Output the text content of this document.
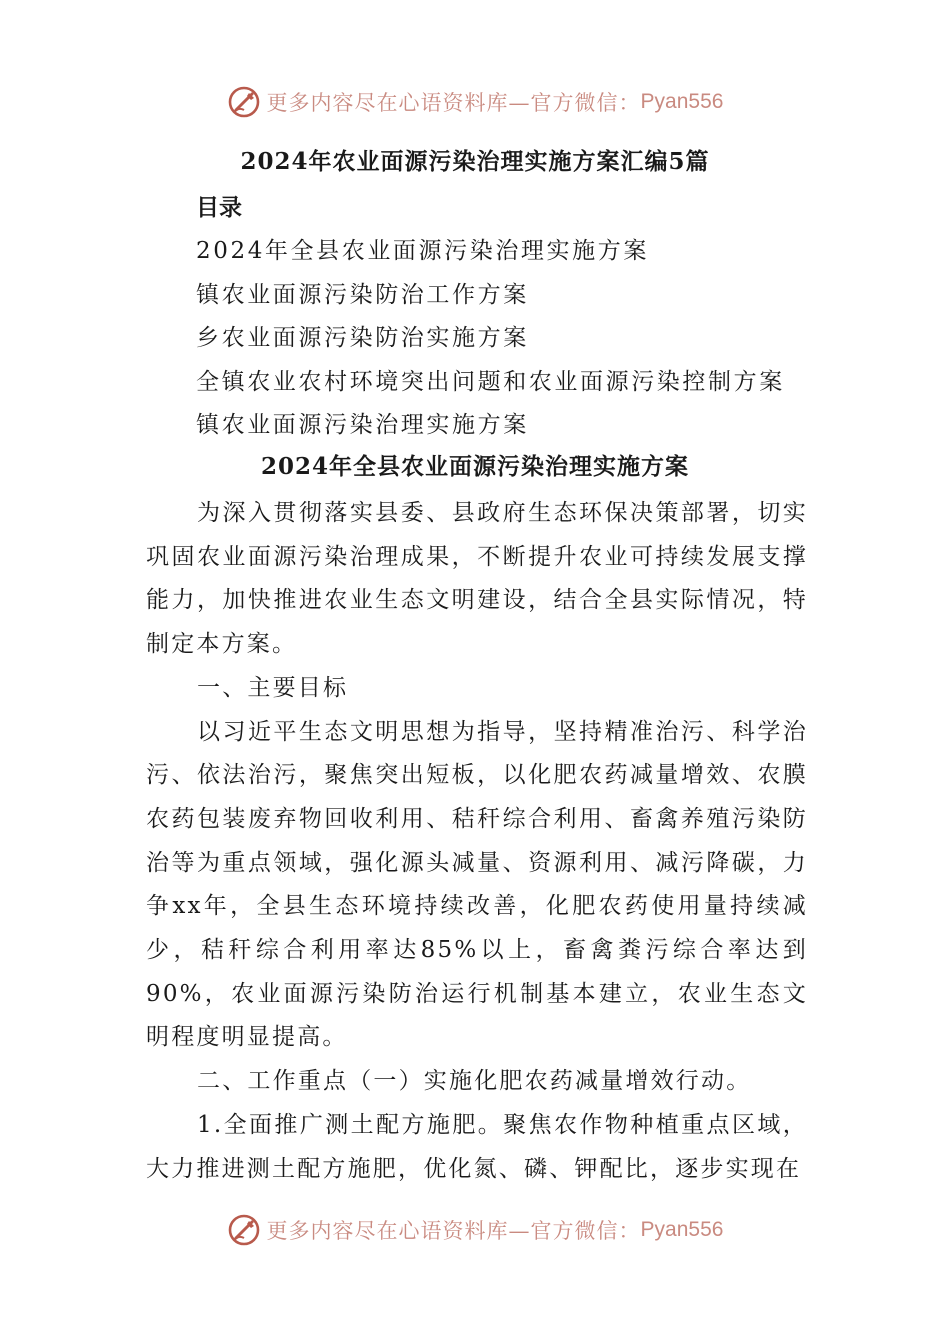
更多内容尽在心语资料库—官方微信： Pyan556
2024年农业面源污染治理实施方案汇编5篇
目录
2024年全县农业面源污染治理实施方案
镇农业面源污染防治工作方案
乡农业面源污染防治实施方案
全镇农业农村环境突出问题和农业面源污染控制方案
镇农业面源污染治理实施方案
2024年全县农业面源污染治理实施方案

为深入贯彻落实县委、县政府生态环保决策部署，切实巩固农业面源污染治理成果，不断提升农业可持续发展支撑能力，加快推进农业生态文明建设，结合全县实际情况，特制定本方案。

一、主要目标

以习近平生态文明思想为指导，坚持精准治污、科学治污、依法治污，聚焦突出短板，以化肥农药减量增效、农膜农药包装废弃物回收利用、秸秆综合利用、畜禽养殖污染防治等为重点领域，强化源头减量、资源利用、减污降碳，力争xx年，全县生态环境持续改善，化肥农药使用量持续减少，秸秆综合利用率达85%以上，畜禽粪污综合率达到90%，农业面源污染防治运行机制基本建立，农业生态文明程度明显提高。

二、工作重点（一）实施化肥农药减量增效行动。

1.全面推广测土配方施肥。聚焦农作物种植重点区域，大力推进测土配方施肥，优化氮、磷、钾配比，逐步实现在

更多内容尽在心语资料库—官方微信： Pyan556
